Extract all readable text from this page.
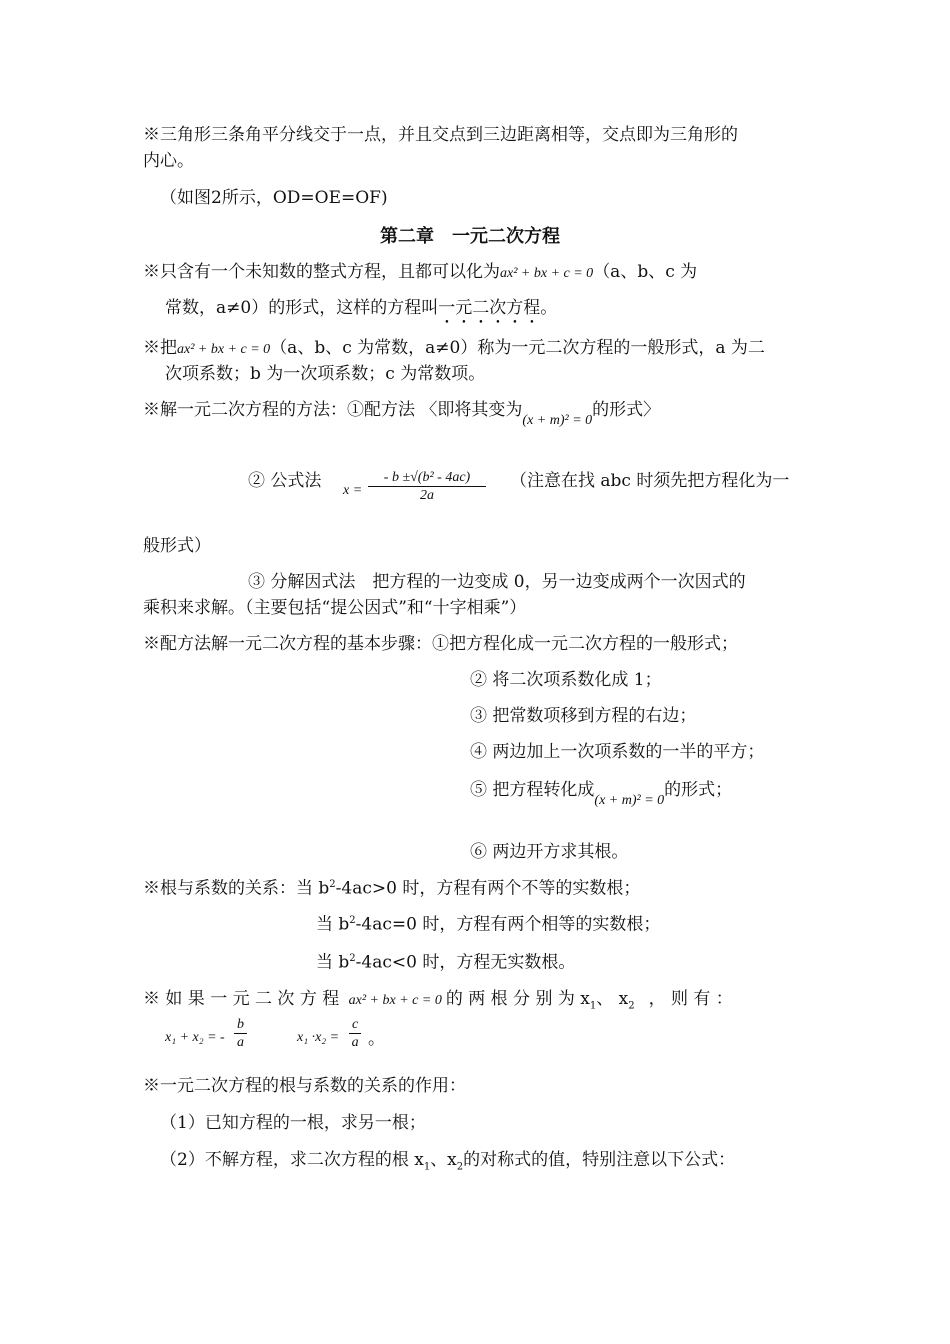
※三角形三条角平分线交于一点，并且交点到三边距离相等，交点即为三角形的
内心。
（如图2所示，OD=OE=OF)
第二章　一元二次方程
※只含有一个未知数的整式方程，且都可以化为ax² + bx + c = 0（a、b、c 为
常数，a≠0）的形式，这样的方程叫一元二次方程。
※把ax² + bx + c = 0（a、b、c 为常数，a≠0）称为一元二次方程的一般形式，a 为二
次项系数；b 为一次项系数；c 为常数项。
※解一元二次方程的方法：①配方法 〈即将其变为$_{(x + m)^2 = 0}$的形式〉
② 公式法 $x = \frac{\text{- b ±√(b² - 4ac)}}{2a}$ （注意在找 abc 时须先把方程化为一
般形式）
③ 分解因式法　把方程的一边变成 0，另一边变成两个一次因式的
乘积来求解。（主要包括“提公因式”和“十字相乘”）
※配方法解一元二次方程的基本步骤：①把方程化成一元二次方程的一般形式；
② 将二次项系数化成 1；
③ 把常数项移到方程的右边；
④ 两边加上一次项系数的一半的平方；
⑤ 把方程转化成$_{(x + m)^2 = 0}$的形式；
⑥ 两边开方求其根。
※根与系数的关系：当 $b^2-4ac>0$ 时，方程有两个不等的实数根；
当 $b^2-4ac=0$ 时，方程有两个相等的实数根；
当 $b^2-4ac<0$ 时，方程无实数根。
※ 如 果 一 元 二 次 方 程 ax² + bx + c = 0 的 两 根 分 别 为 $x_1$、 $x_2$ ， 则 有 ：
x₁ + x₂ = - $\frac{b}{a}$	$x_1 \cdot x_2 = \frac{c}{a}$ 。
※一元二次方程的根与系数的关系的作用：
（1）已知方程的一根，求另一根；
（2）不解方程，求二次方程的根 $x_1$、$x_2$的对称式的值，特别注意以下公式：
